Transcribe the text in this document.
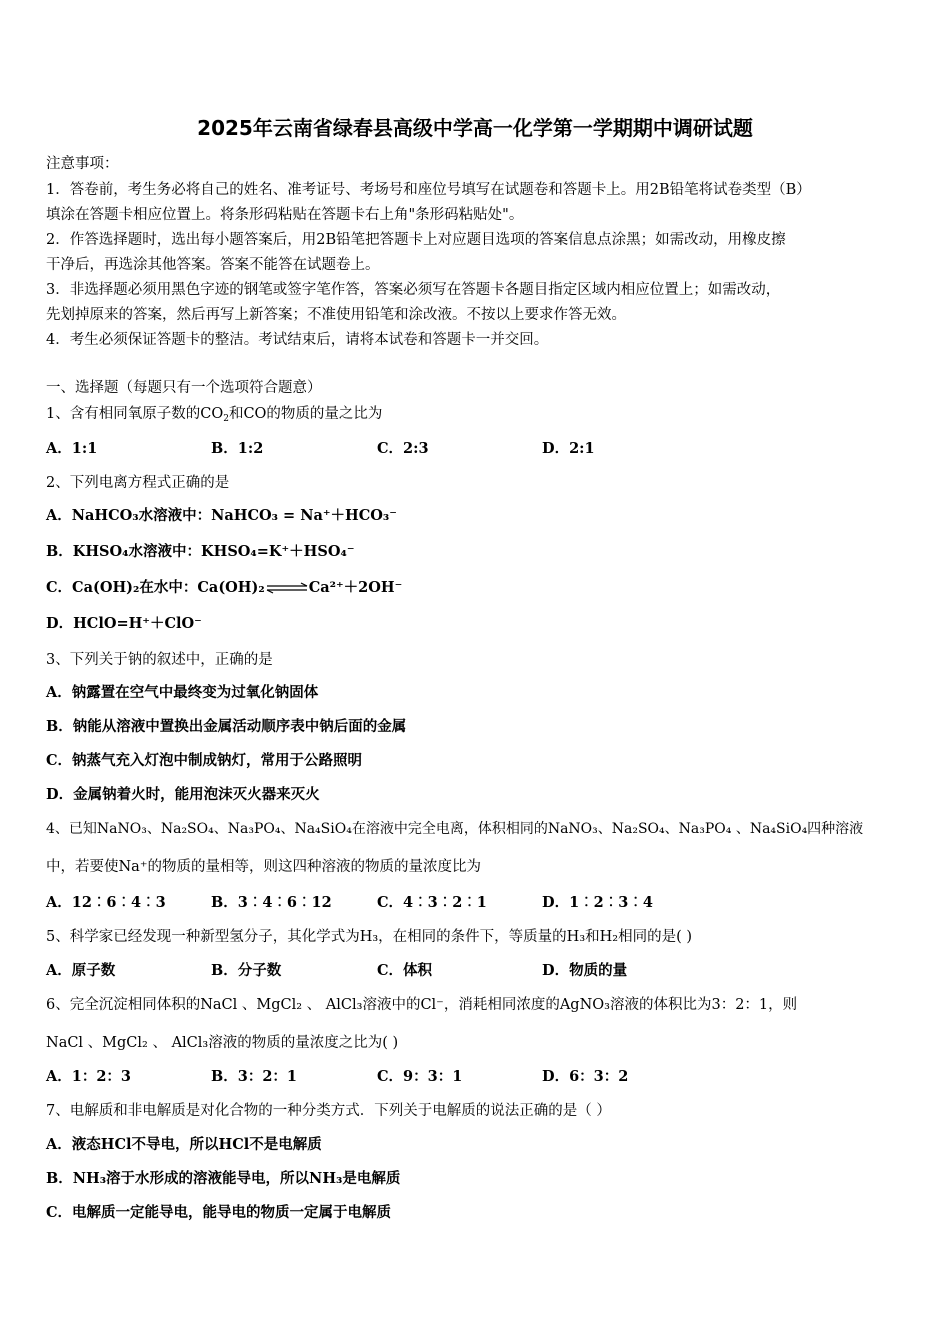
2025年云南省绿春县高级中学高一化学第一学期期中调研试题
注意事项：
1．答卷前，考生务必将自己的姓名、准考证号、考场号和座位号填写在试题卷和答题卡上。用2B铅笔将试卷类型（B）
填涂在答题卡相应位置上。将条形码粘贴在答题卡右上角"条形码粘贴处"。
2．作答选择题时，选出每小题答案后，用2B铅笔把答题卡上对应题目选项的答案信息点涂黑；如需改动，用橡皮擦
干净后，再选涂其他答案。答案不能答在试题卷上。
3．非选择题必须用黑色字迹的钢笔或签字笔作答，答案必须写在答题卡各题目指定区域内相应位置上；如需改动，
先划掉原来的答案，然后再写上新答案；不准使用铅笔和涂改液。不按以上要求作答无效。
4．考生必须保证答题卡的整洁。考试结束后，请将本试卷和答题卡一并交回。
一、选择题（每题只有一个选项符合题意）
1、含有相同氧原子数的$CO_2$和CO的物质的量之比为
A．1:1	B．1:2	C．2:3	D．2:1
2、下列电离方程式正确的是
A．NaHCO₃水溶液中：NaHCO₃ = Na⁺＋HCO₃⁻
B．KHSO₄水溶液中：KHSO₄=K⁺＋HSO₄⁻
C．Ca(OH)₂在水中：Ca(OH)₂⇌Ca²⁺＋2OH⁻
D．HClO=H⁺＋ClO⁻
3、下列关于钠的叙述中，正确的是
A．钠露置在空气中最终变为过氧化钠固体
B．钠能从溶液中置换出金属活动顺序表中钠后面的金属
C．钠蒸气充入灯泡中制成钠灯，常用于公路照明
D．金属钠着火时，能用泡沫灭火器来灭火
4、已知NaNO₃、Na₂SO₄、Na₃PO₄、Na₄SiO₄在溶液中完全电离，体积相同的NaNO₃、Na₂SO₄、Na₃PO₄ 、Na₄SiO₄四种溶液
中，若要使Na⁺的物质的量相等，则这四种溶液的物质的量浓度比为
A．12︰6︰4︰3	B．3︰4︰6︰12	C．4︰3︰2︰1	D．1︰2︰3︰4
5、科学家已经发现一种新型氢分子，其化学式为H₃，在相同的条件下，等质量的H₃和H₂相同的是( )
A．原子数	B．分子数	C．体积	D．物质的量
6、完全沉淀相同体积的NaCl 、MgCl₂ 、 AlCl₃溶液中的Cl⁻，消耗相同浓度的AgNO₃溶液的体积比为3：2：1，则
NaCl 、MgCl₂ 、 AlCl₃溶液的物质的量浓度之比为( )
A．1：2：3	B．3：2：1	C．9：3：1	D．6：3：2
7、电解质和非电解质是对化合物的一种分类方式．下列关于电解质的说法正确的是（ ）
A．液态HCl不导电，所以HCl不是电解质
B．NH₃溶于水形成的溶液能导电，所以NH₃是电解质
C．电解质一定能导电，能导电的物质一定属于电解质
